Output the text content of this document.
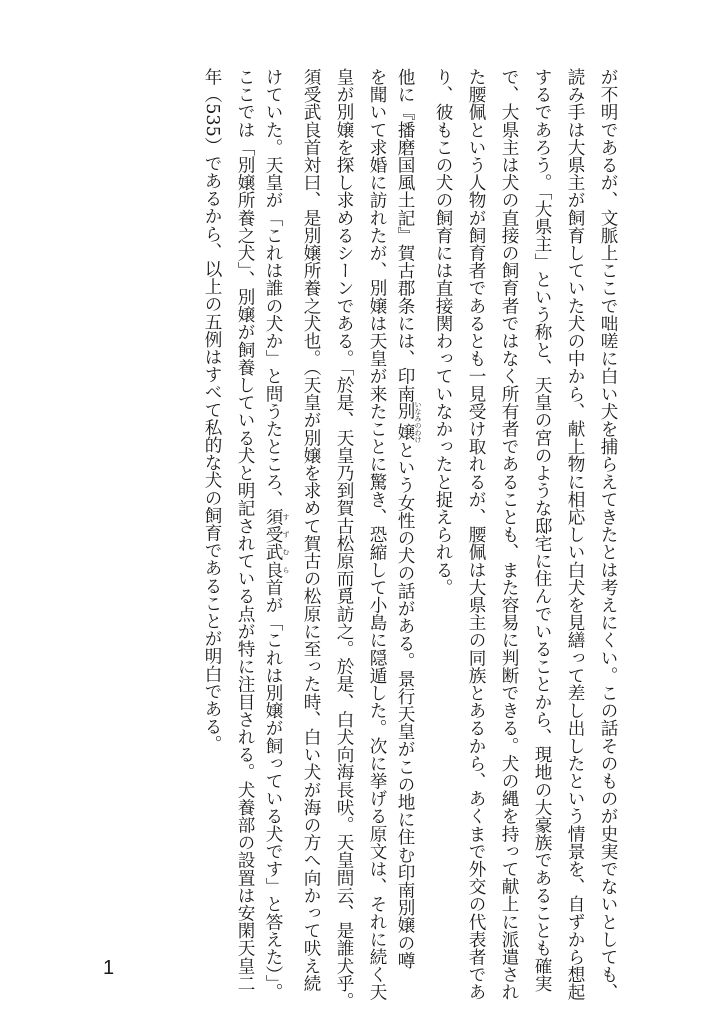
が不明であるが、文脈上ここで咄嗟に白い犬を捕らえてきたとは考えにくい。この話そのものが史実でないとしても、
読み手は大県主が飼育していた犬の中から、献上物に相応しい白犬を見繕って差し出したという情景を、自ずから想起
するであろう。「大県主」という称と、天皇の宮のような邸宅に住んでいることから、現地の大豪族であることも確実
で、大県主は犬の直接の飼育者ではなく所有者であることも、また容易に判断できる。犬の縄を持って献上に派遣され
た腰佩という人物が飼育者であるとも一見受け取れるが、腰佩は大県主の同族とあるから、あくまで外交の代表者であ
り、彼もこの犬の飼育には直接関わっていなかったと捉えられる。
他に『播磨国風土記』賀古郡条には、印南別嬢 いなみのわけという女性の犬の話がある。景行天皇がこの地に住む印南別嬢の噂
を聞いて求婚に訪れたが、別嬢は天皇が来たことに驚き、恐縮して小島に隠遁した。次に挙げる原文は、それに続く天
皇が別嬢を探し求めるシーンである。「於是、天皇乃到賀古松原而覓訪之。於是、白犬向海長吠。天皇問云、是誰犬乎。
須受武良首対曰、是別嬢所養之犬也。（天皇が別嬢を求めて賀古の松原に至った時、白い犬が海の方へ向かって吠え続
けていた。天皇が「これは誰の犬か」と問うたところ、須受武良 すずむら首が「これは別嬢が飼っている犬です」と答えた）」。
ここでは「別嬢所養之犬」、別嬢が飼養している犬と明記されている点が特に注目される。犬養部の設置は安閑天皇二
年（535）であるから、以上の五例はすべて私的な犬の飼育であることが明白である。
1
